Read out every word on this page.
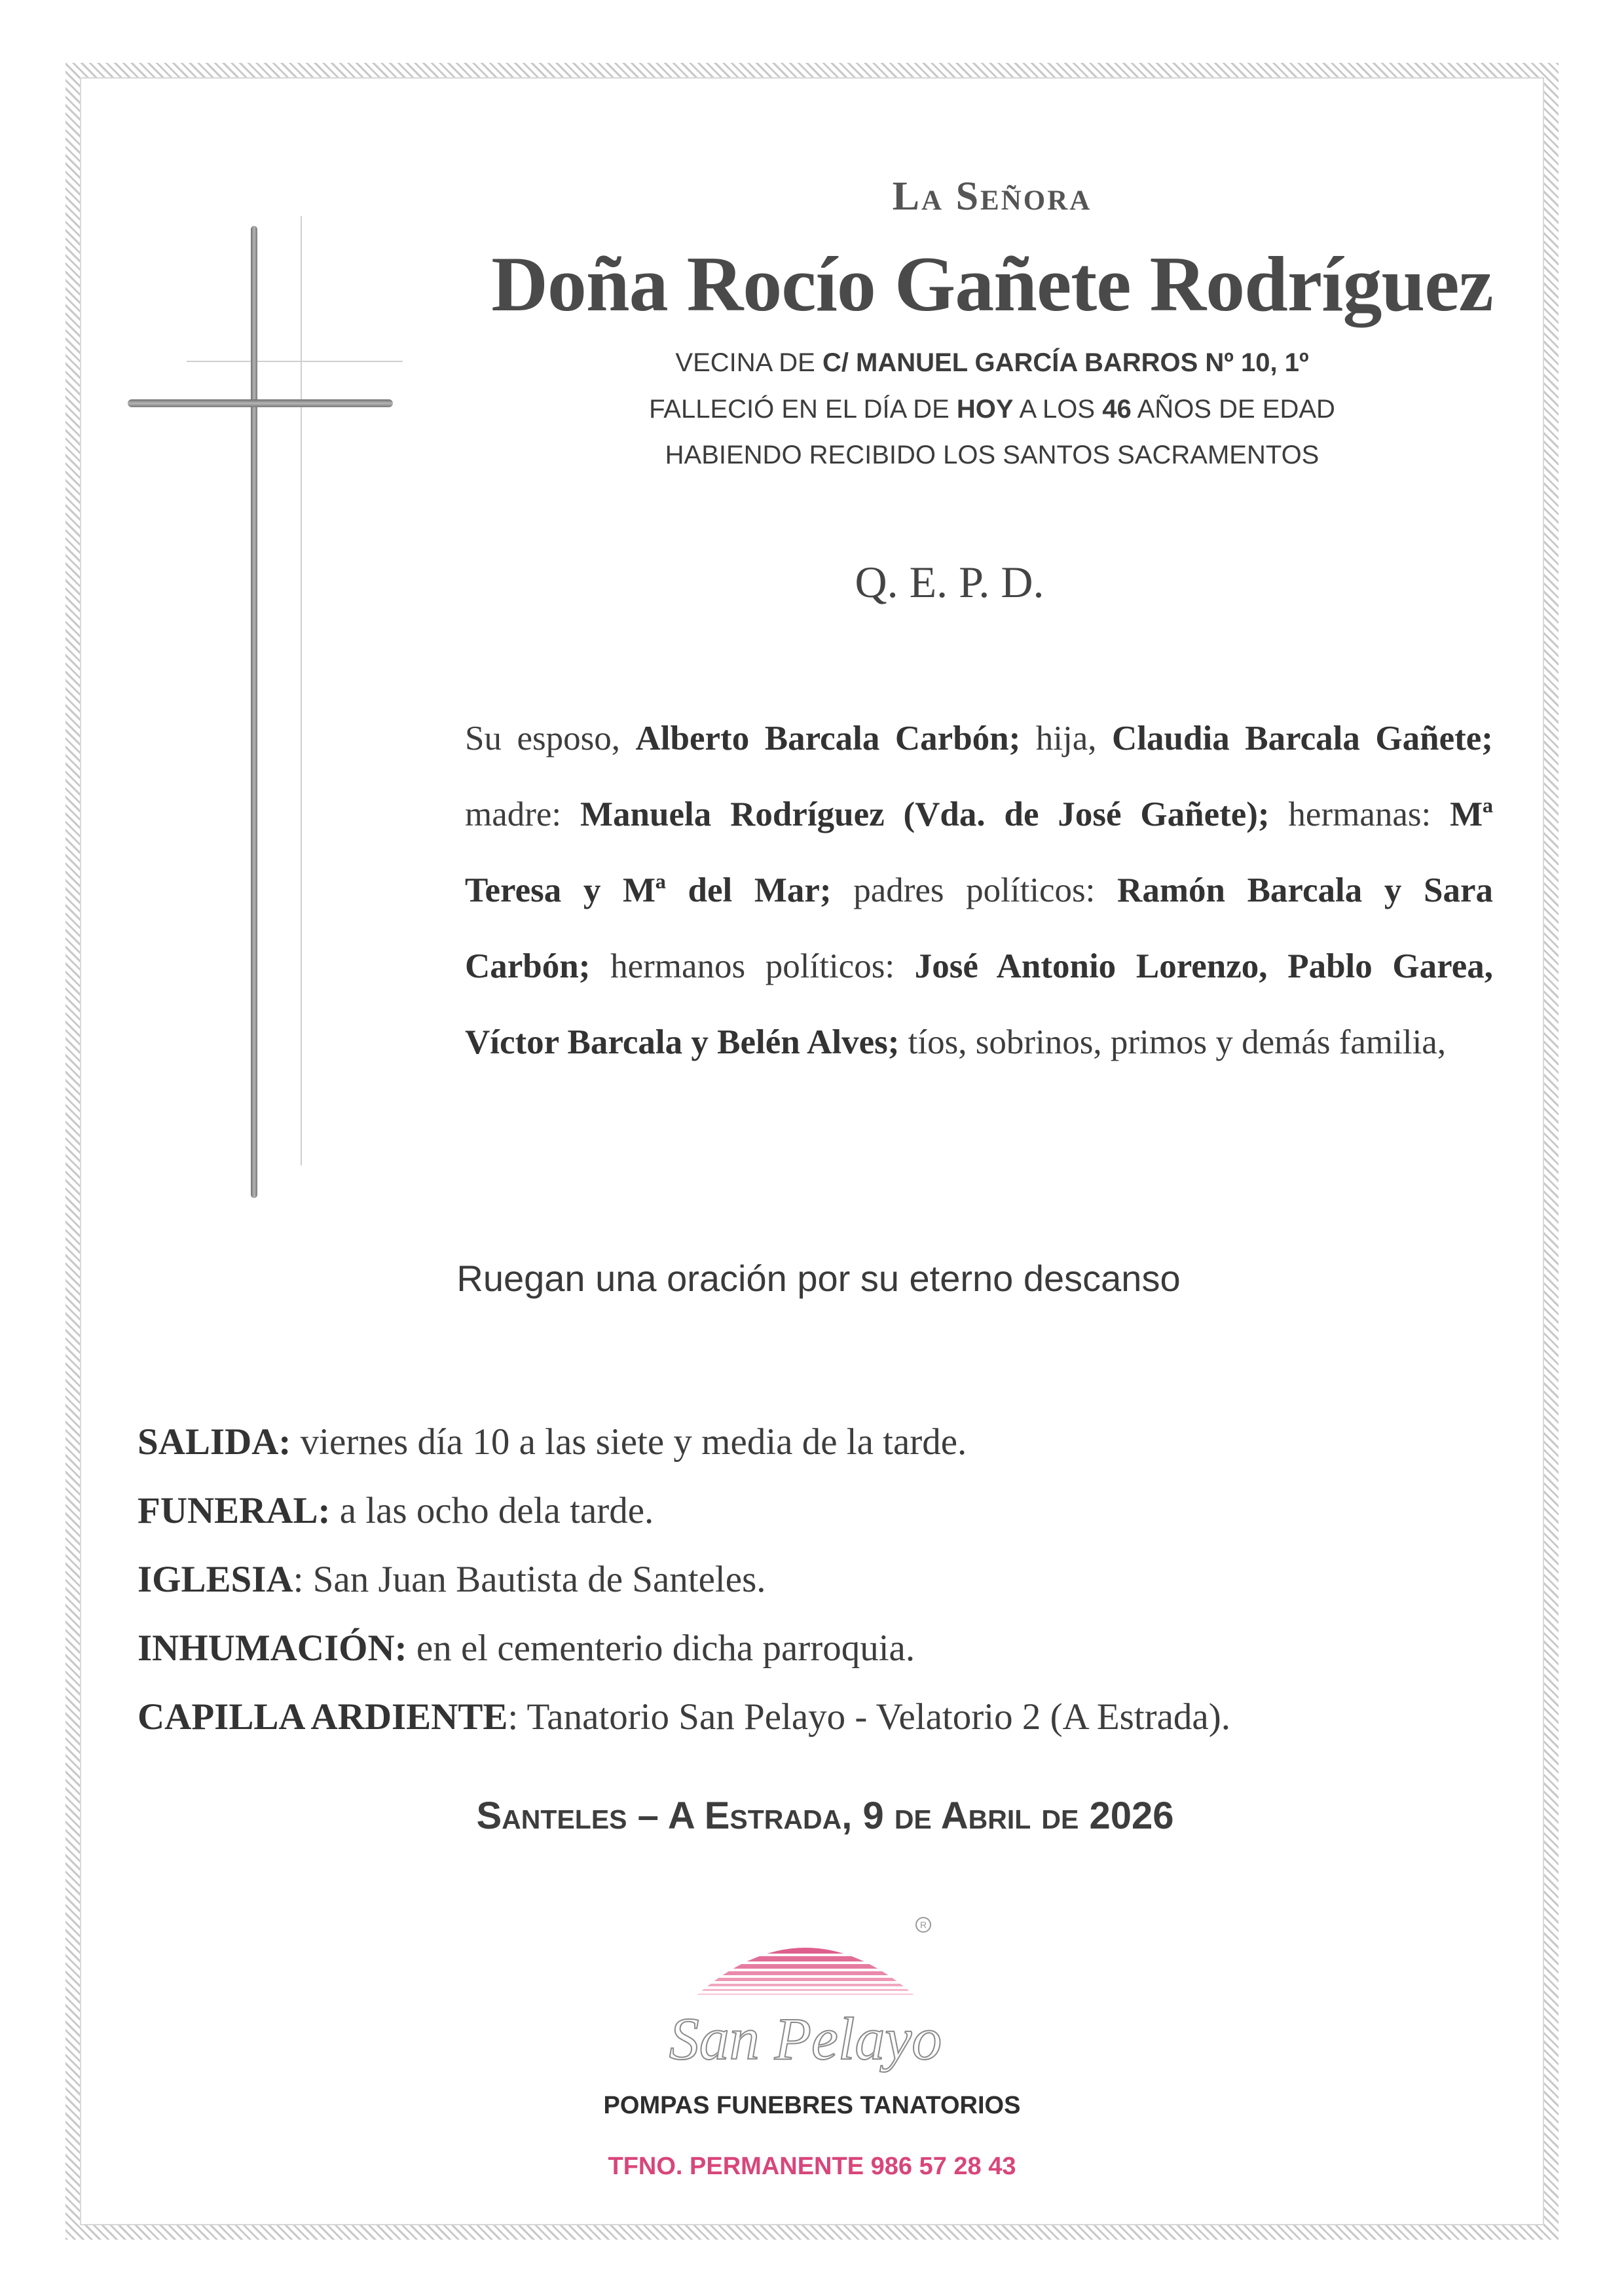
La Señora
Doña Rocío Gañete Rodríguez
VECINA DE C/ MANUEL GARCÍA BARROS Nº 10, 1º
FALLECIÓ EN EL DÍA DE HOY A LOS 46 AÑOS DE EDAD
HABIENDO RECIBIDO LOS SANTOS SACRAMENTOS
Q. E. P. D.
Su esposo, Alberto Barcala Carbón; hija, Claudia Barcala Gañete; madre: Manuela Rodríguez (Vda. de José Gañete); hermanas: Mª Teresa y Mª del Mar; padres políticos: Ramón Barcala y Sara Carbón; hermanos políticos: José Antonio Lorenzo, Pablo Garea, Víctor Barcala y Belén Alves; tíos, sobrinos, primos y demás familia,
Ruegan una oración por su eterno descanso
SALIDA: viernes día 10 a las siete y media de la tarde.
FUNERAL: a las ocho dela tarde.
IGLESIA: San Juan Bautista de Santeles.
INHUMACIÓN: en el cementerio dicha parroquia.
CAPILLA ARDIENTE: Tanatorio San Pelayo - Velatorio 2 (A Estrada).
Santeles – A Estrada, 9 de Abril de 2026
R
San Pelayo
POMPAS FUNEBRES TANATORIOS
TFNO. PERMANENTE 986 57 28 43
